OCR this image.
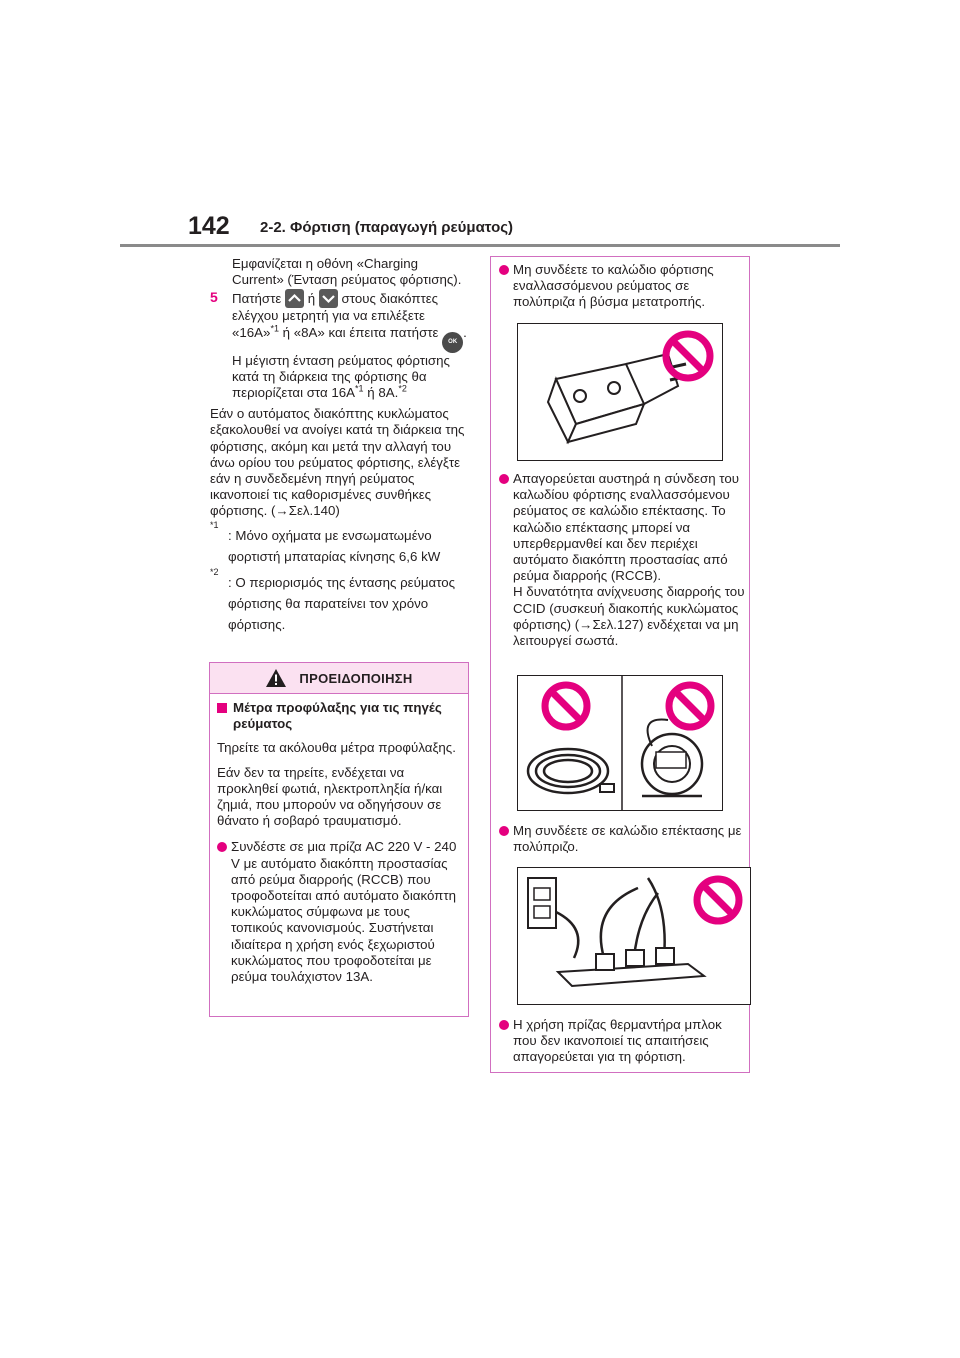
142 2-2. Φόρτιση (παραγωγή ρεύματος)
Εμφανίζεται η οθόνη «Charging Current» (Ένταση ρεύματος φόρτισης).
5	Πατήστε ή στους διακόπτες ελέγχου μετρητή για να επιλέξετε «16A»$^{*1}$ ή «8A» και έπειτα πατήστε OK.
Η μέγιστη ένταση ρεύματος φόρτισης κατά τη διάρκεια της φόρτισης θα περιορίζεται στα $16A^{*1}$ ή 8A.$^{*2}$
Εάν ο αυτόματος διακόπτης κυκλώματος εξακολουθεί να ανοίγει κατά τη διάρκεια της φόρτισης, ακόμη και μετά την αλλαγή του άνω ορίου του ρεύματος φόρτισης, ελέγξτε εάν η συνδεδεμένη πηγή ρεύματος ικανοποιεί τις καθορισμένες συνθήκες φόρτισης. (→Σελ.140)
*1
: Μόνο οχήματα με ενσωματωμένο φορτιστή μπαταρίας κίνησης 6,6 kW
*2
: Ο περιορισμός της έντασης ρεύματος φόρτισης θα παρατείνει τον χρόνο φόρτισης.
ΠΡΟΕΙΔΟΠΟΙΗΣΗ
Μέτρα προφύλαξης για τις πηγές ρεύματος
Τηρείτε τα ακόλουθα μέτρα προφύλαξης.
Εάν δεν τα τηρείτε, ενδέχεται να προκληθεί φωτιά, ηλεκτροπληξία ή/και ζημιά, που μπορούν να οδηγήσουν σε θάνατο ή σοβαρό τραυματισμό.
Συνδέστε σε μια πρίζα AC 220 V - 240 V με αυτόματο διακόπτη προστασίας από ρεύμα διαρροής (RCCB) που τροφοδοτείται από αυτόματο διακόπτη κυκλώματος σύμφωνα με τους τοπικούς κανονισμούς. Συστήνεται ιδιαίτερα η χρήση ενός ξεχωριστού κυκλώματος που τροφοδοτείται με ρεύμα τουλάχιστον 13A.
Μη συνδέετε το καλώδιο φόρτισης εναλλασσόμενου ρεύματος σε πολύπριζα ή βύσμα μετατροπής.
Απαγορεύεται αυστηρά η σύνδεση του καλωδίου φόρτισης εναλλασσόμενου ρεύματος σε καλώδιο επέκτασης. Το καλώδιο επέκτασης μπορεί να υπερθερμανθεί και δεν περιέχει αυτόματο διακόπτη προστασίας από ρεύμα διαρροής (RCCB).
Η δυνατότητα ανίχνευσης διαρροής του CCID (συσκευή διακοπής κυκλώματος φόρτισης) (→Σελ.127) ενδέχεται να μη λειτουργεί σωστά.
Μη συνδέετε σε καλώδιο επέκτασης με πολύπριζο.
Η χρήση πρίζας θερμαντήρα μπλοκ που δεν ικανοποιεί τις απαιτήσεις απαγορεύεται για τη φόρτιση.
